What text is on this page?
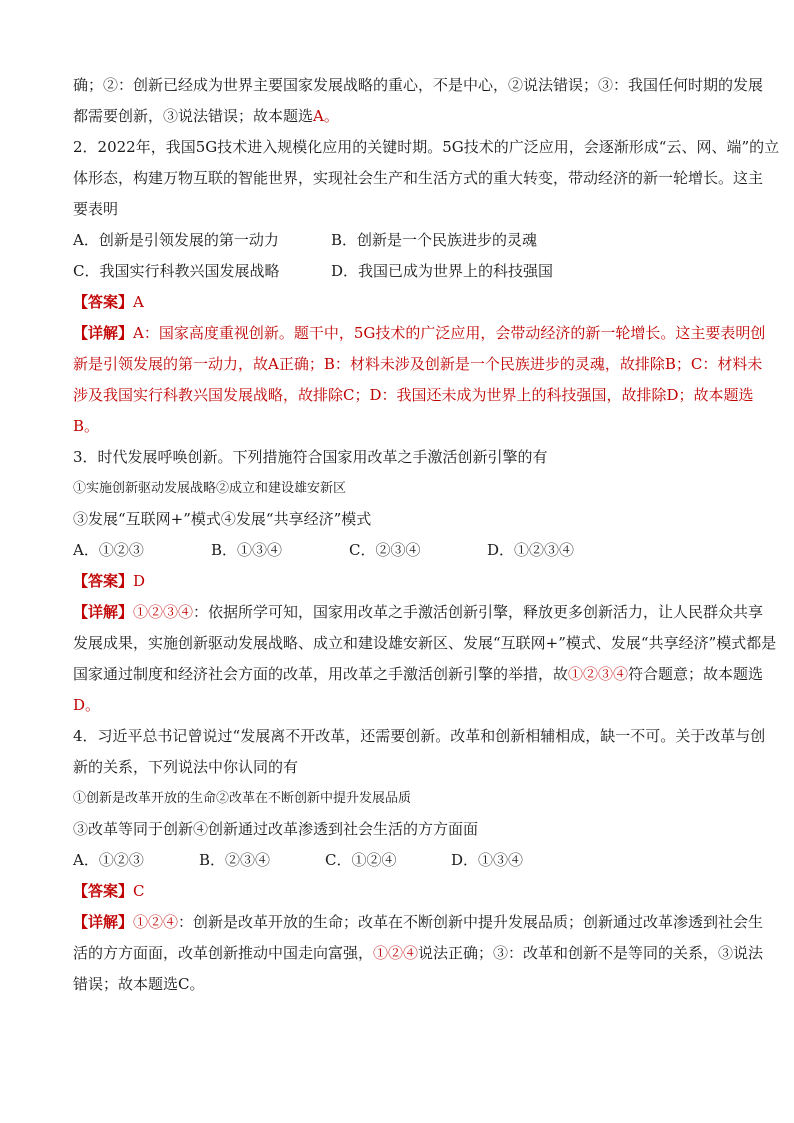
确；②：创新已经成为世界主要国家发展战略的重心，不是中心，②说法错误；③：我国任何时期的发展
都需要创新，③说法错误；故本题选A。
2．2022年，我国5G技术进入规模化应用的关键时期。5G技术的广泛应用，会逐渐形成“云、网、端”的立
体形态，构建万物互联的智能世界，实现社会生产和生活方式的重大转变，带动经济的新一轮增长。这主
要表明
A．创新是引领发展的第一动力	B．创新是一个民族进步的灵魂
C．我国实行科教兴国发展战略	D．我国已成为世界上的科技强国
【答案】A
【详解】A：国家高度重视创新。题干中，5G技术的广泛应用，会带动经济的新一轮增长。这主要表明创
新是引领发展的第一动力，故A正确；B：材料未涉及创新是一个民族进步的灵魂，故排除B；C：材料未
涉及我国实行科教兴国发展战略，故排除C；D：我国还未成为世界上的科技强国，故排除D；故本题选
B。
3．时代发展呼唤创新。下列措施符合国家用改革之手激活创新引擎的有
①实施创新驱动发展战略②成立和建设雄安新区
③发展“互联网+”模式④发展“共享经济”模式
A．①②③	B．①③④	C．②③④	D．①②③④
【答案】D
【详解】①②③④：依据所学可知，国家用改革之手激活创新引擎，释放更多创新活力，让人民群众共享
发展成果，实施创新驱动发展战略、成立和建设雄安新区、发展“互联网+”模式、发展“共享经济”模式都是
国家通过制度和经济社会方面的改革，用改革之手激活创新引擎的举措，故①②③④符合题意；故本题选
D。
4．习近平总书记曾说过“发展离不开改革，还需要创新。改革和创新相辅相成，缺一不可。关于改革与创
新的关系，下列说法中你认同的有
①创新是改革开放的生命②改革在不断创新中提升发展品质
③改革等同于创新④创新通过改革渗透到社会生活的方方面面
A．①②③	B．②③④	C．①②④	D．①③④
【答案】C
【详解】①②④：创新是改革开放的生命；改革在不断创新中提升发展品质；创新通过改革渗透到社会生
活的方方面面，改革创新推动中国走向富强，①②④说法正确；③：改革和创新不是等同的关系，③说法
错误；故本题选C。
